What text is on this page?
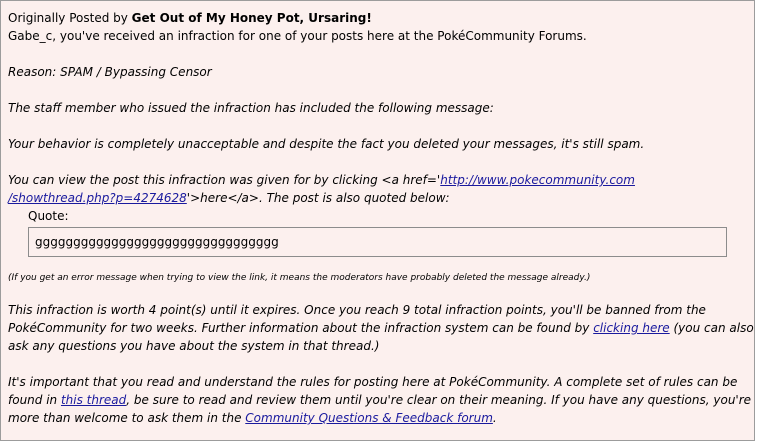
Originally Posted by Get Out of My Honey Pot, Ursaring!
Gabe_c, you've received an infraction for one of your posts here at the PokéCommunity Forums.
Reason: SPAM / Bypassing Censor
The staff member who issued the infraction has included the following message:
Your behavior is completely unacceptable and despite the fact you deleted your messages, it's still spam.
You can view the post this infraction was given for by clicking <a href='http://www.pokecommunity.com
/showthread.php?p=4274628'>here</a>. The post is also quoted below:
Quote:
gggggggggggggggggggggggggggggggg
(If you get an error message when trying to view the link, it means the moderators have probably deleted the message already.)
This infraction is worth 4 point(s) until it expires. Once you reach 9 total infraction points, you'll be banned from the
PokéCommunity for two weeks. Further information about the infraction system can be found by clicking here (you can also
ask any questions you have about the system in that thread.)
It's important that you read and understand the rules for posting here at PokéCommunity. A complete set of rules can be
found in this thread, be sure to read and review them until you're clear on their meaning. If you have any questions, you're
more than welcome to ask them in the Community Questions & Feedback forum.
